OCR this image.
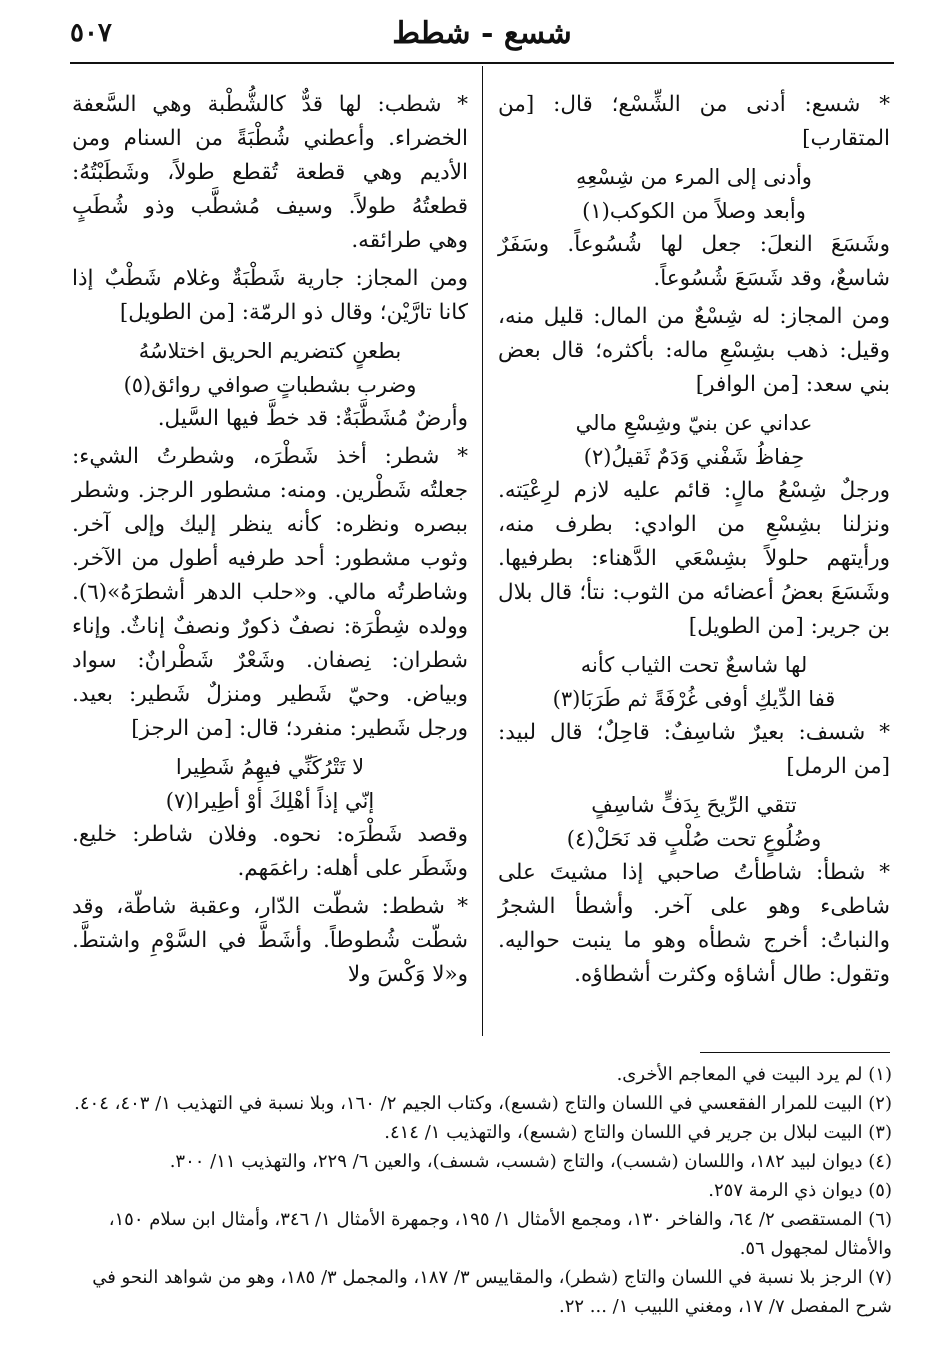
شسع - شطط
٥٠٧

* شسع: أدنى من الشِّسْع؛ قال: [من المتقارب]

وأدنى إلى المرء من شِسْعِهِ

وأبعد وصلاً من الكوكب(١)

وشَسَعَ النعلَ: جعل لها شُسُوعاً. وسَفَرٌ شاسعٌ، وقد شَسَعَ شُسُوعاً.

ومن المجاز: له شِسْعٌ من المال: قليل منه، وقيل: ذهب بشِسْعِ ماله: بأكثره؛ قال بعض بني سعد: [من الوافر]

عداني عن بنيّ وشِسْعِ مالي

حِفاظُ شَفْني وَدَمٌ ثَقيلُ(٢)

ورجلٌ شِسْعُ مالٍ: قائم عليه لازم لرِعْيَته. ونزلنا بشِسْعِ من الوادي: بطرف منه، ورأيتهم حلولاً بشِسْعَي الدَّهناء: بطرفيها. وشَسَعَ بعضُ أعضائه من الثوب: نتأ؛ قال بلال بن جرير: [من الطويل]

لها شاسعٌ تحت الثياب كأنه

قفا الدِّيكِ أوفى غُرْفَةً ثم طَرَبَا(٣)

* شسف: بعيرٌ شاسِفٌ: قاحِلٌ؛ قال لبيد: [من الرمل]

تتقي الرِّيحَ بِدَفٍّ شاسِفٍ

وضُلُوعٍ تحت صُلْبٍ قد نَحَلْ(٤)

* شطأ: شاطأتُ صاحبي إذا مشيتَ على شاطىء وهو على آخر. وأشطأ الشجرُ والنباتُ: أخرج شطأه وهو ما ينبت حواليه. وتقول: طال أشاؤه وكثرت أشطاؤه.

* شطب: لها قدٌّ كالشُّطْبة وهي السَّعفة الخضراء. وأعطني شُطْبَةً من السنام ومن الأديم وهي قطعة تُقطع طولاً، وشَطَبْتُهُ: قطعتُهُ طولاً. وسيف مُشطَّب وذو شُطَبٍ وهي طرائقه.

ومن المجاز: جارية شَطْبَةٌ وغلام شَطْبٌ إذا كانا تارَّيْن؛ وقال ذو الرمّة: [من الطويل]

بطعنٍ كتضريم الحريق اختلاسُهُ

وضرب بشطباتٍ صوافي روائق(٥)

وأرضٌ مُشَطَّبَةٌ: قد خطَّ فيها السَّيل.

* شطر: أخذ شَطْرَه، وشطرتُ الشيء: جعلتُه شَطْرين. ومنه: مشطور الرجز. وشطر ببصره ونظره: كأنه ينظر إليك وإلى آخر. وثوب مشطور: أحد طرفيه أطول من الآخر. وشاطرتُه مالي. و«حلب الدهر أشطرَهُ»(٦). وولده شِطْرَة: نصفٌ ذكورٌ ونصفٌ إناثٌ. وإناء شطران: نِصفان. وشَعْرٌ شَطْرانٌ: سواد وبياض. وحيّ شَطير ومنزلٌ شَطير: بعيد. ورجل شَطير: منفرد؛ قال: [من الرجز]

لا تَتْرُكَنِّي فيهِمُ شَطِيرا

إنّي إذاً أهْلِكَ أوْ أطِيرا(٧)

وقصد شَطْرَه: نحوه. وفلان شاطر: خليع. وشَطَر على أهله: راغمَهم.

* شطط: شطّت الدّار، وعقبة شاطّة، وقد شطّت شُطوطاً. وأشَطَّ في السَّوْمِ واشتطَّ. و«لا وَكْسَ ولا

(١) لم يرد البيت في المعاجم الأخرى.

(٢) البيت للمرار الفقعسي في اللسان والتاج (شسع)، وكتاب الجيم ٢/ ١٦٠، وبلا نسبة في التهذيب ١/ ٤٠٣، ٤٠٤.

(٣) البيت لبلال بن جرير في اللسان والتاج (شسع)، والتهذيب ١/ ٤١٤.

(٤) ديوان لبيد ١٨٢، واللسان (شسب)، والتاج (شسب، شسف)، والعين ٦/ ٢٢٩، والتهذيب ١١/ ٣٠٠.

(٥) ديوان ذي الرمة ٢٥٧.

(٦) المستقصى ٢/ ٦٤، والفاخر ١٣٠، ومجمع الأمثال ١/ ١٩٥، وجمهرة الأمثال ١/ ٣٤٦، وأمثال ابن سلام ١٥٠، والأمثال لمجهول ٥٦.

(٧) الرجز بلا نسبة في اللسان والتاج (شطر)، والمقاييس ٣/ ١٨٧، والمجمل ٣/ ١٨٥، وهو من شواهد النحو في شرح المفصل ٧/ ١٧، ومغني اللبيب ١/ ... ٢٢.
